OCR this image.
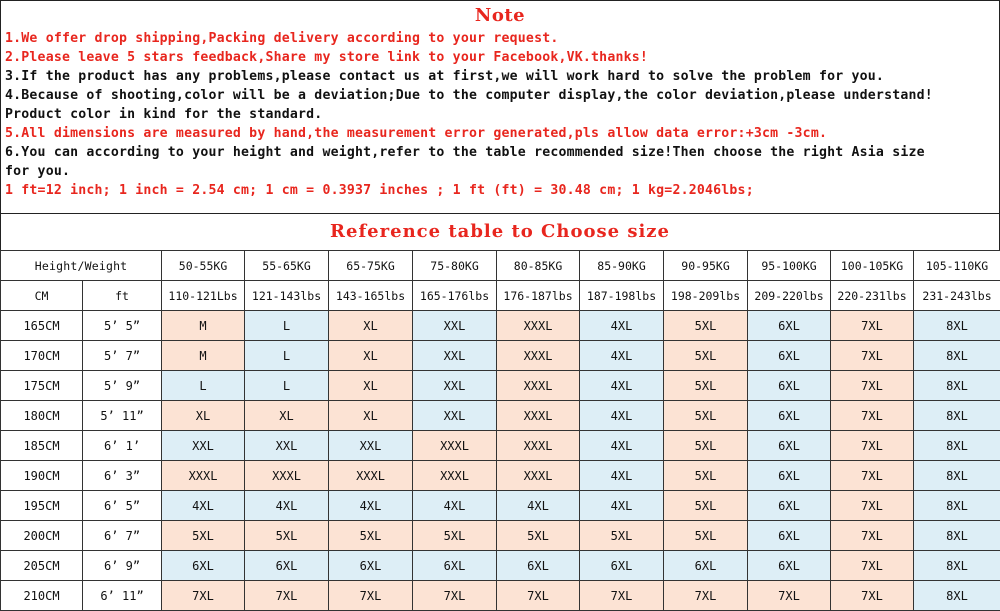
Note
1.We offer drop shipping,Packing delivery according to your request.
2.Please leave 5 stars feedback,Share my store link to your Facebook,VK.thanks!
3.If the product has any problems,please contact us at first,we will work hard to solve the problem for you.
4.Because of shooting,color will be a deviation;Due to the computer display,the color deviation,please understand!
Product color in kind for the standard.
5.All dimensions are measured by hand,the measurement error generated,pls allow data error:+3cm -3cm.
6.You can according to your height and weight,refer to the table recommended size!Then choose the right Asia size
for you.
1 ft=12 inch; 1 inch = 2.54 cm; 1 cm = 0.3937 inches ; 1 ft (ft) = 30.48 cm; 1 kg=2.2046lbs;
Reference table to Choose size
Height/Weight		50-55KG	55-65KG	65-75KG	75-80KG	80-85KG	85-90KG	90-95KG	95-100KG	100-105KG	105-110KG
CM	ft	110-121Lbs	121-143lbs	143-165lbs	165-176lbs	176-187lbs	187-198lbs	198-209lbs	209-220lbs	220-231lbs	231-243lbs
165CM	5’ 5”	M	L	XL	XXL	XXXL	4XL	5XL	6XL	7XL	8XL
170CM	5’ 7”	M	L	XL	XXL	XXXL	4XL	5XL	6XL	7XL	8XL
175CM	5’ 9”	L	L	XL	XXL	XXXL	4XL	5XL	6XL	7XL	8XL
180CM	5’ 11”	XL	XL	XL	XXL	XXXL	4XL	5XL	6XL	7XL	8XL
185CM	6’ 1’	XXL	XXL	XXL	XXXL	XXXL	4XL	5XL	6XL	7XL	8XL
190CM	6’ 3”	XXXL	XXXL	XXXL	XXXL	XXXL	4XL	5XL	6XL	7XL	8XL
195CM	6’ 5”	4XL	4XL	4XL	4XL	4XL	4XL	5XL	6XL	7XL	8XL
200CM	6’ 7”	5XL	5XL	5XL	5XL	5XL	5XL	5XL	6XL	7XL	8XL
205CM	6’ 9”	6XL	6XL	6XL	6XL	6XL	6XL	6XL	6XL	7XL	8XL
210CM	6’ 11”	7XL	7XL	7XL	7XL	7XL	7XL	7XL	7XL	7XL	8XL
